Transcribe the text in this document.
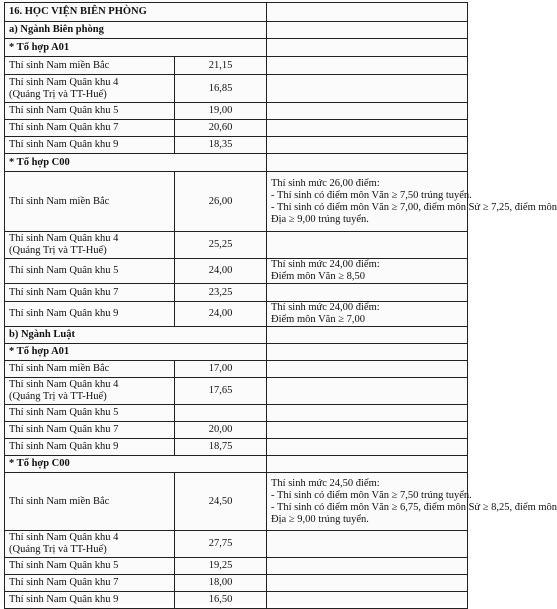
16. HỌC VIỆN BIÊN PHÒNG		
a) Ngành Biên phòng		
* Tổ hợp A01		

Thí sinh Nam miền Bắc	21,15	

Thí sinh Nam Quân khu 4
(Quảng Trị và TT-Huế)	16,85	

Thí sinh Nam Quân khu 5	19,00	

Thí sinh Nam Quân khu 7	20,60	

Thí sinh Nam Quân khu 9	18,35	
* Tổ hợp C00		

Thí sinh Nam miền Bắc	26,00	Thí sinh mức 26,00 điểm:
- Thí sinh có điểm môn Văn ≥ 7,50 trúng tuyển.
- Thí sinh có điểm môn Văn ≥ 7,00, điểm môn Sử ≥ 7,25, điểm môn
Địa ≥ 9,00 trúng tuyển.

Thí sinh Nam Quân khu 4
(Quảng Trị và TT-Huế)	25,25	

Thí sinh Nam Quân khu 5	24,00	Thí sinh mức 24,00 điểm:
Điểm môn Văn ≥ 8,50

Thí sinh Nam Quân khu 7	23,25	

Thí sinh Nam Quân khu 9	24,00	Thí sinh mức 24,00 điểm:
Điểm môn Văn ≥ 7,00

b) Ngành Luật		
* Tổ hợp A01		

Thí sinh Nam miền Bắc	17,00	

Thí sinh Nam Quân khu 4
(Quảng Trị và TT-Huế)	17,65	

Thí sinh Nam Quân khu 5		

Thí sinh Nam Quân khu 7	20,00	

Thí sinh Nam Quân khu 9	18,75	
* Tổ hợp C00		

Thí sinh Nam miền Bắc	24,50	Thí sinh mức 24,50 điểm:
- Thí sinh có điểm môn Văn ≥ 7,50 trúng tuyển.
- Thí sinh có điểm môn Văn ≥ 6,75, điểm môn Sử ≥ 8,25, điểm môn
Địa ≥ 9,00 trúng tuyển.

Thí sinh Nam Quân khu 4
(Quảng Trị và TT-Huế)	27,75	

Thí sinh Nam Quân khu 5	19,25	

Thí sinh Nam Quân khu 7	18,00	

Thí sinh Nam Quân khu 9	16,50	
